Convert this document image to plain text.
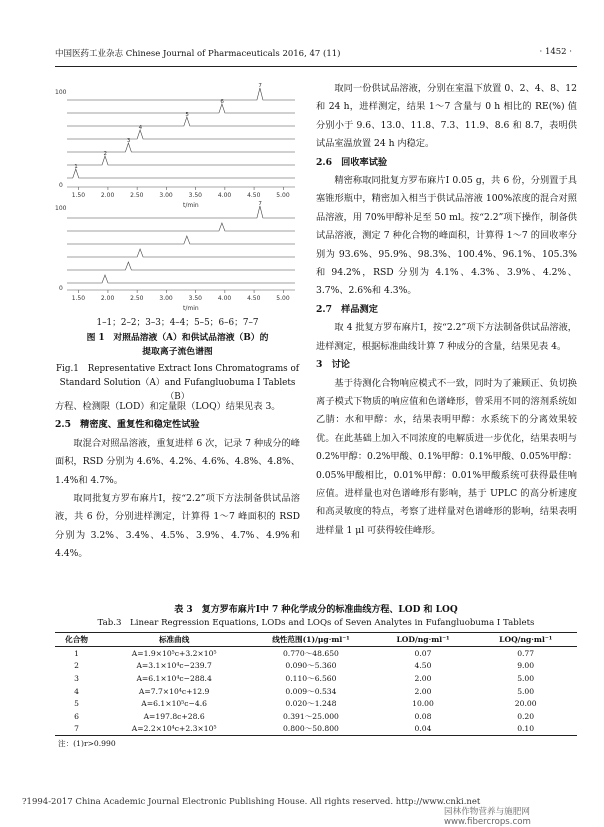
中国医药工业杂志 Chinese Journal of Pharmaceuticals 2016, 47 (11)	· 1452 ·
100
0
7
6
5
4
3
2
1
1.50	2.00	2.50	3.00	3.50	4.00	4.50	5.00
t/min
100
0
7
1.50	2.00	2.50	3.00	3.50	4.00	4.50	5.00
t/min
1–1；2–2；3–3；4–4；5–5；6–6；7–7
图 1　对照品溶液（A）和供试品溶液（B）的
提取离子流色谱图
Fig.1　Representative Extract Ions Chromatograms of
Standard Solution（A）and Fufangluobuma Ⅰ Tablets（B）

方程、检测限（LOD）和定量限（LOQ）结果见表 3。

2.5　精密度、重复性和稳定性试验

取混合对照品溶液，重复进样 6 次，记录 7 种成分的峰面积，RSD 分别为 4.6%、4.2%、4.6%、4.8%、4.8%、1.4%和 4.7%。

取同批复方罗布麻片Ⅰ，按“2.2”项下方法制备供试品溶液，共 6 份，分别进样测定，计算得 1～7 峰面积的 RSD 分别为 3.2%、3.4%、4.5%、3.9%、4.7%、4.9%和 4.4%。

取同一份供试品溶液，分别在室温下放置 0、2、4、8、12 和 24 h，进样测定，结果 1～7 含量与 0 h 相比的 RE(%) 值分别小于 9.6、13.0、11.8、7.3、11.9、8.6 和 8.7，表明供试品室温放置 24 h 内稳定。

2.6　回收率试验

精密称取同批复方罗布麻片Ⅰ 0.05 g，共 6 份，分别置于具塞锥形瓶中，精密加入相当于供试品溶液 100%浓度的混合对照品溶液，用 70%甲醇补足至 50 ml。按“2.2”项下操作，制备供试品溶液，测定 7 种化合物的峰面积，计算得 1～7 的回收率分别为 93.6%、95.9%、98.3%、100.4%、96.1%、105.3%和 94.2%，RSD 分别为 4.1%、4.3%、3.9%、4.2%、3.7%、2.6%和 4.3%。

2.7　样品测定

取 4 批复方罗布麻片Ⅰ，按“2.2”项下方法制备供试品溶液，进样测定，根据标准曲线计算 7 种成分的含量，结果见表 4。

3　讨论

基于待测化合物响应模式不一致，同时为了兼顾正、负切换离子模式下物质的响应值和色谱峰形，曾采用不同的溶剂系统如乙腈：水和甲醇：水，结果表明甲醇：水系统下的分离效果较优。在此基础上加入不同浓度的电解质进一步优化，结果表明与 0.2%甲醇：0.2%甲酸、0.1%甲醇：0.1%甲酸、0.05%甲醇：0.05%甲酸相比，0.01%甲醇：0.01%甲酸系统可获得最佳响应值。进样量也对色谱峰形有影响，基于 UPLC 的高分析速度和高灵敏度的特点，考察了进样量对色谱峰形的影响，结果表明进样量 1 μl 可获得较佳峰形。

表 3　复方罗布麻片Ⅰ中 7 种化学成分的标准曲线方程、LOD 和 LOQ
Tab.3　Linear Regression Equations, LODs and LOQs of Seven Analytes in Fufangluobuma Ⅰ Tablets
化合物	标准曲线	线性范围(1)/μg·ml⁻¹	LOD/ng·ml⁻¹	LOQ/ng·ml⁻¹
1	A=1.9×10⁵c+3.2×10⁵	0.770～48.650	0.07	0.77
2	A=3.1×10⁴c−239.7	0.090～5.360	4.50	9.00
3	A=6.1×10⁴c−288.4	0.110～6.560	2.00	5.00
4	A=7.7×10⁴c+12.9	0.009～0.534	2.00	5.00
5	A=6.1×10⁵c−4.6	0.020～1.248	10.00	20.00
6	A=197.8c+28.6	0.391～25.000	0.08	0.20
7	A=2.2×10⁴c+2.3×10⁵	0.800～50.800	0.04	0.10
注：(1)r>0.990
?1994-2017 China Academic Journal Electronic Publishing House. All rights reserved. http://www.cnki.net
园林作物营养与施肥网 www.fibercrops.com
